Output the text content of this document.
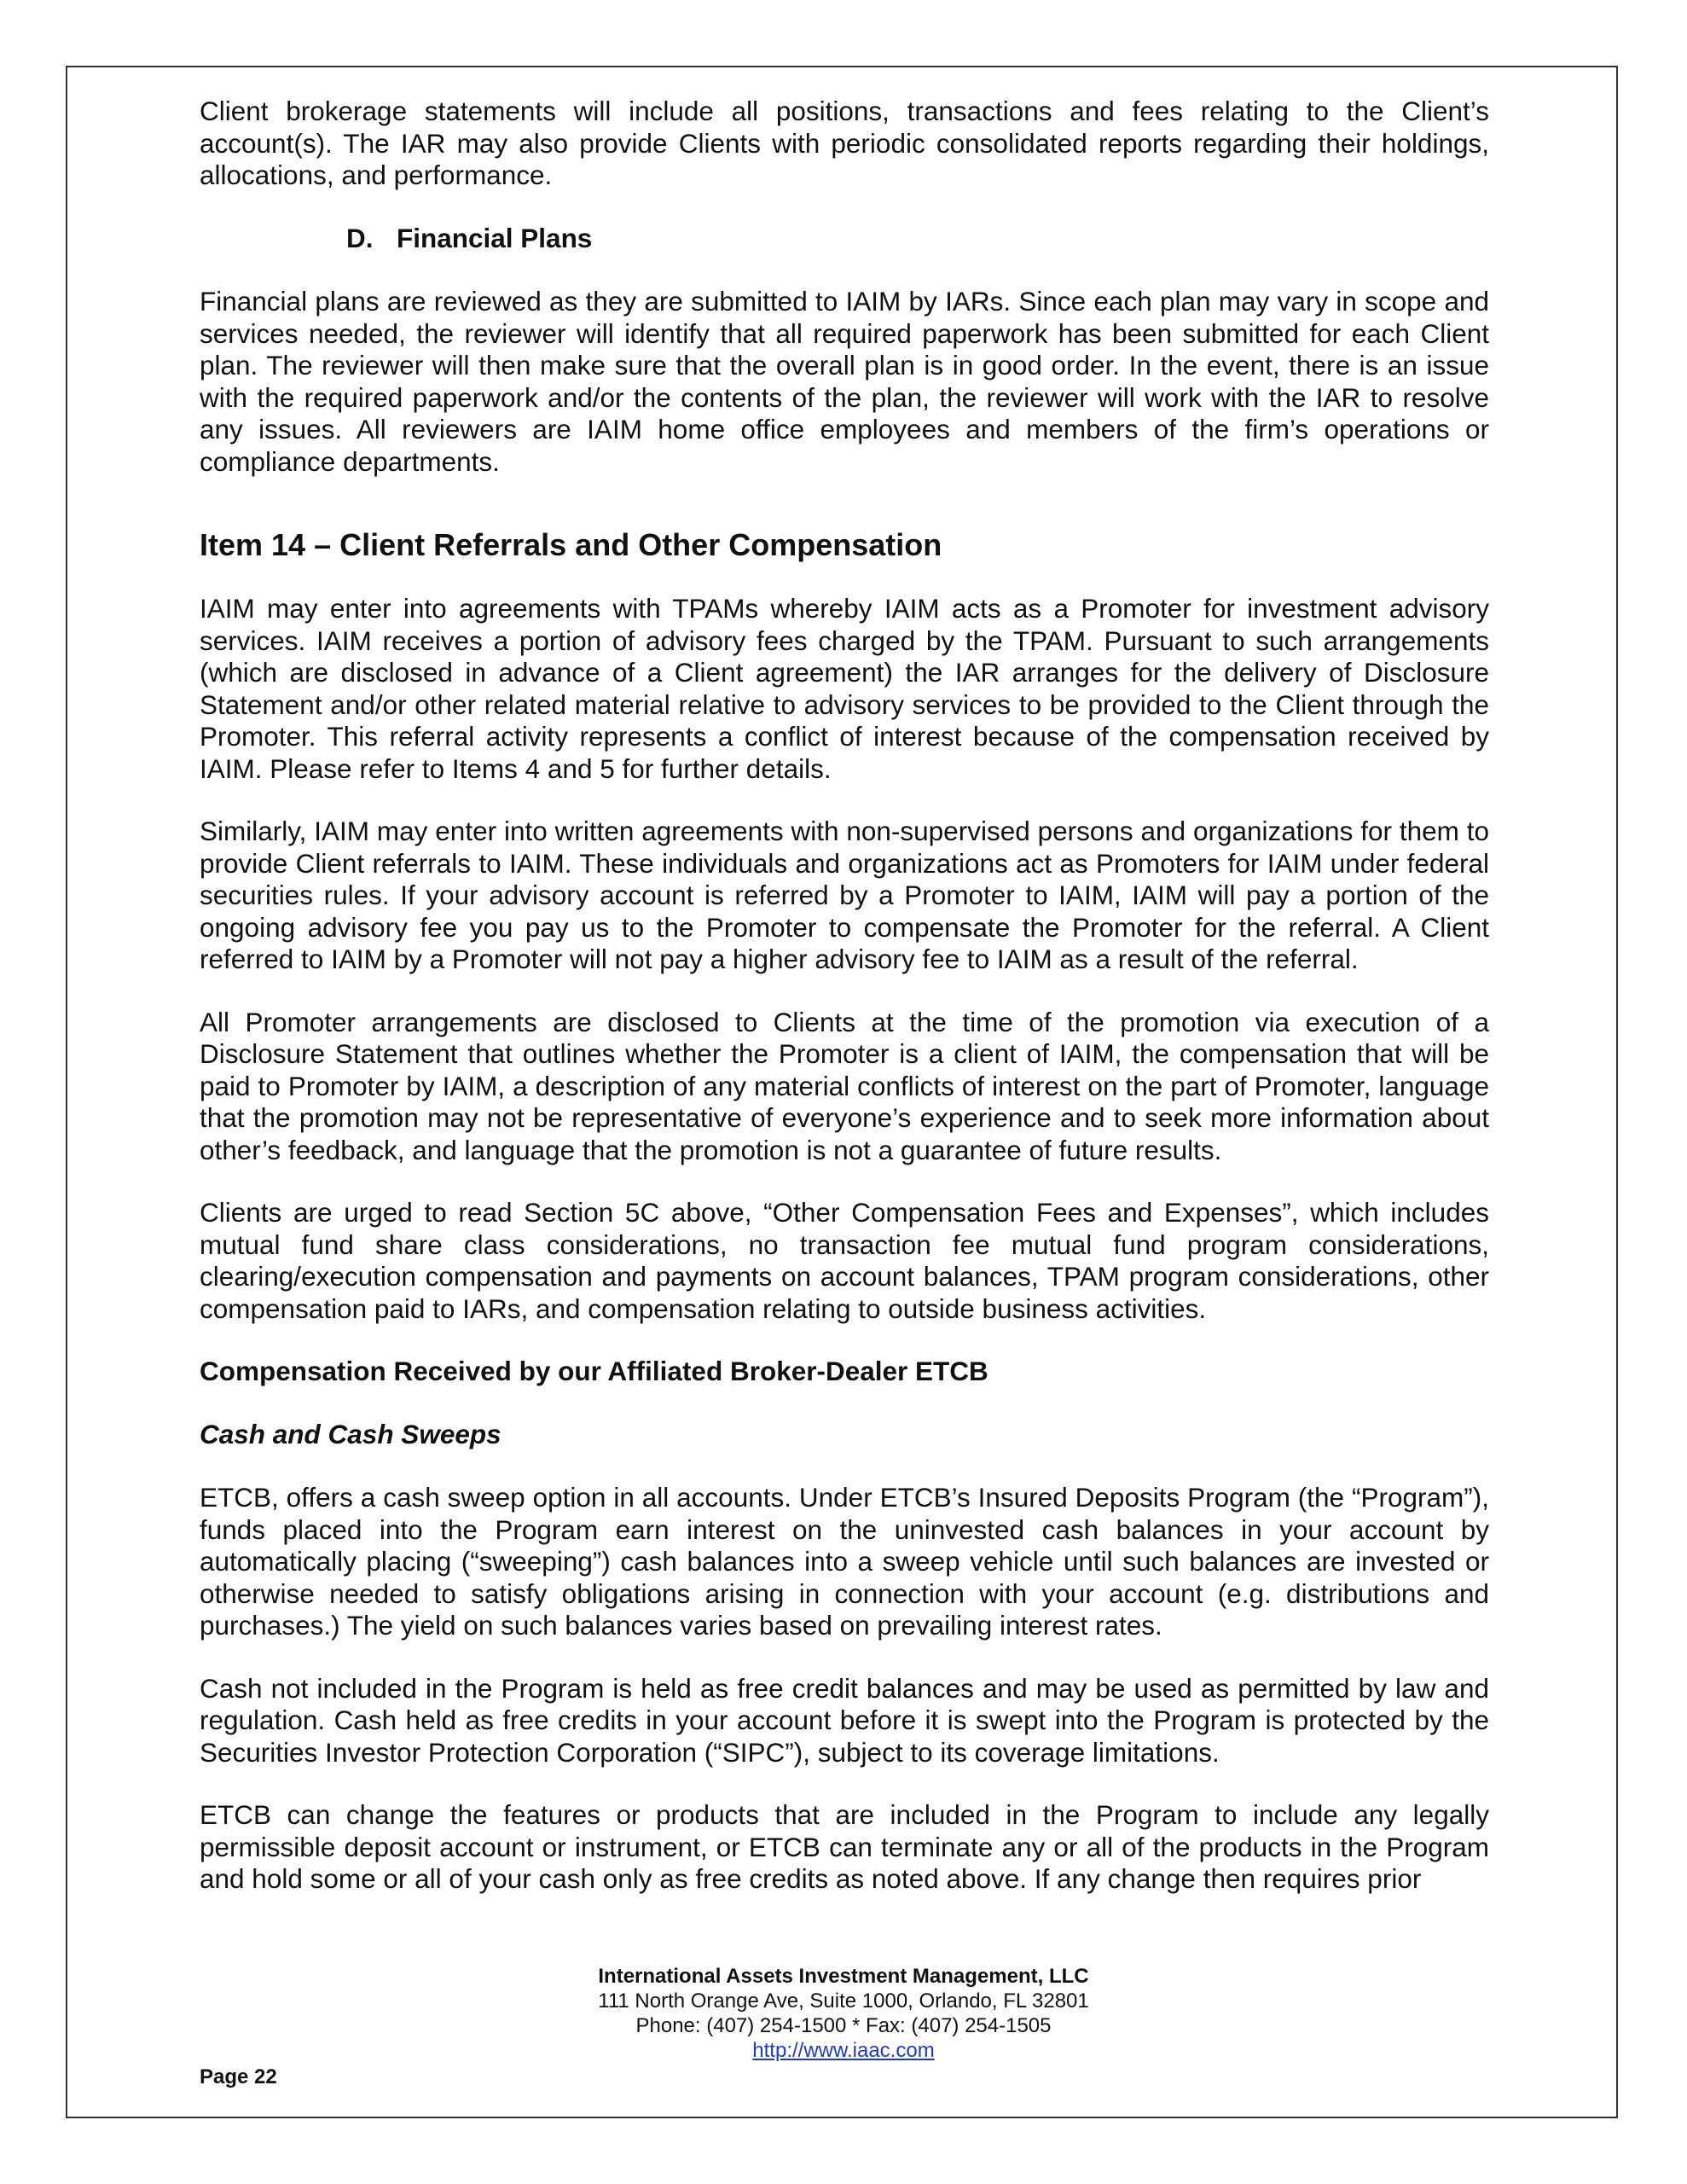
Client brokerage statements will include all positions, transactions and fees relating to the Client’s account(s). The IAR may also provide Clients with periodic consolidated reports regarding their holdings, allocations, and performance.

D. Financial Plans

Financial plans are reviewed as they are submitted to IAIM by IARs. Since each plan may vary in scope and services needed, the reviewer will identify that all required paperwork has been submitted for each Client plan. The reviewer will then make sure that the overall plan is in good order. In the event, there is an issue with the required paperwork and/or the contents of the plan, the reviewer will work with the IAR to resolve any issues. All reviewers are IAIM home office employees and members of the firm’s operations or compliance departments.

Item 14 – Client Referrals and Other Compensation

IAIM may enter into agreements with TPAMs whereby IAIM acts as a Promoter for investment advisory services. IAIM receives a portion of advisory fees charged by the TPAM. Pursuant to such arrangements (which are disclosed in advance of a Client agreement) the IAR arranges for the delivery of Disclosure Statement and/or other related material relative to advisory services to be provided to the Client through the Promoter. This referral activity represents a conflict of interest because of the compensation received by IAIM. Please refer to Items 4 and 5 for further details.

Similarly, IAIM may enter into written agreements with non-supervised persons and organizations for them to provide Client referrals to IAIM. These individuals and organizations act as Promoters for IAIM under federal securities rules. If your advisory account is referred by a Promoter to IAIM, IAIM will pay a portion of the ongoing advisory fee you pay us to the Promoter to compensate the Promoter for the referral. A Client referred to IAIM by a Promoter will not pay a higher advisory fee to IAIM as a result of the referral.

All Promoter arrangements are disclosed to Clients at the time of the promotion via execution of a Disclosure Statement that outlines whether the Promoter is a client of IAIM, the compensation that will be paid to Promoter by IAIM, a description of any material conflicts of interest on the part of Promoter, language that the promotion may not be representative of everyone’s experience and to seek more information about other’s feedback, and language that the promotion is not a guarantee of future results.

Clients are urged to read Section 5C above, “Other Compensation Fees and Expenses”, which includes mutual fund share class considerations, no transaction fee mutual fund program considerations, clearing/execution compensation and payments on account balances, TPAM program considerations, other compensation paid to IARs, and compensation relating to outside business activities.

Compensation Received by our Affiliated Broker-Dealer ETCB
Cash and Cash Sweeps

ETCB, offers a cash sweep option in all accounts. Under ETCB’s Insured Deposits Program (the “Program”), funds placed into the Program earn interest on the uninvested cash balances in your account by automatically placing (“sweeping”) cash balances into a sweep vehicle until such balances are invested or otherwise needed to satisfy obligations arising in connection with your account (e.g. distributions and purchases.) The yield on such balances varies based on prevailing interest rates.

Cash not included in the Program is held as free credit balances and may be used as permitted by law and regulation. Cash held as free credits in your account before it is swept into the Program is protected by the Securities Investor Protection Corporation (“SIPC”), subject to its coverage limitations.

ETCB can change the features or products that are included in the Program to include any legally permissible deposit account or instrument, or ETCB can terminate any or all of the products in the Program and hold some or all of your cash only as free credits as noted above. If any change then requires prior

International Assets Investment Management, LLC
111 North Orange Ave, Suite 1000, Orlando, FL 32801
Phone: (407) 254-1500 * Fax: (407) 254-1505
http://www.iaac.com
Page 22
